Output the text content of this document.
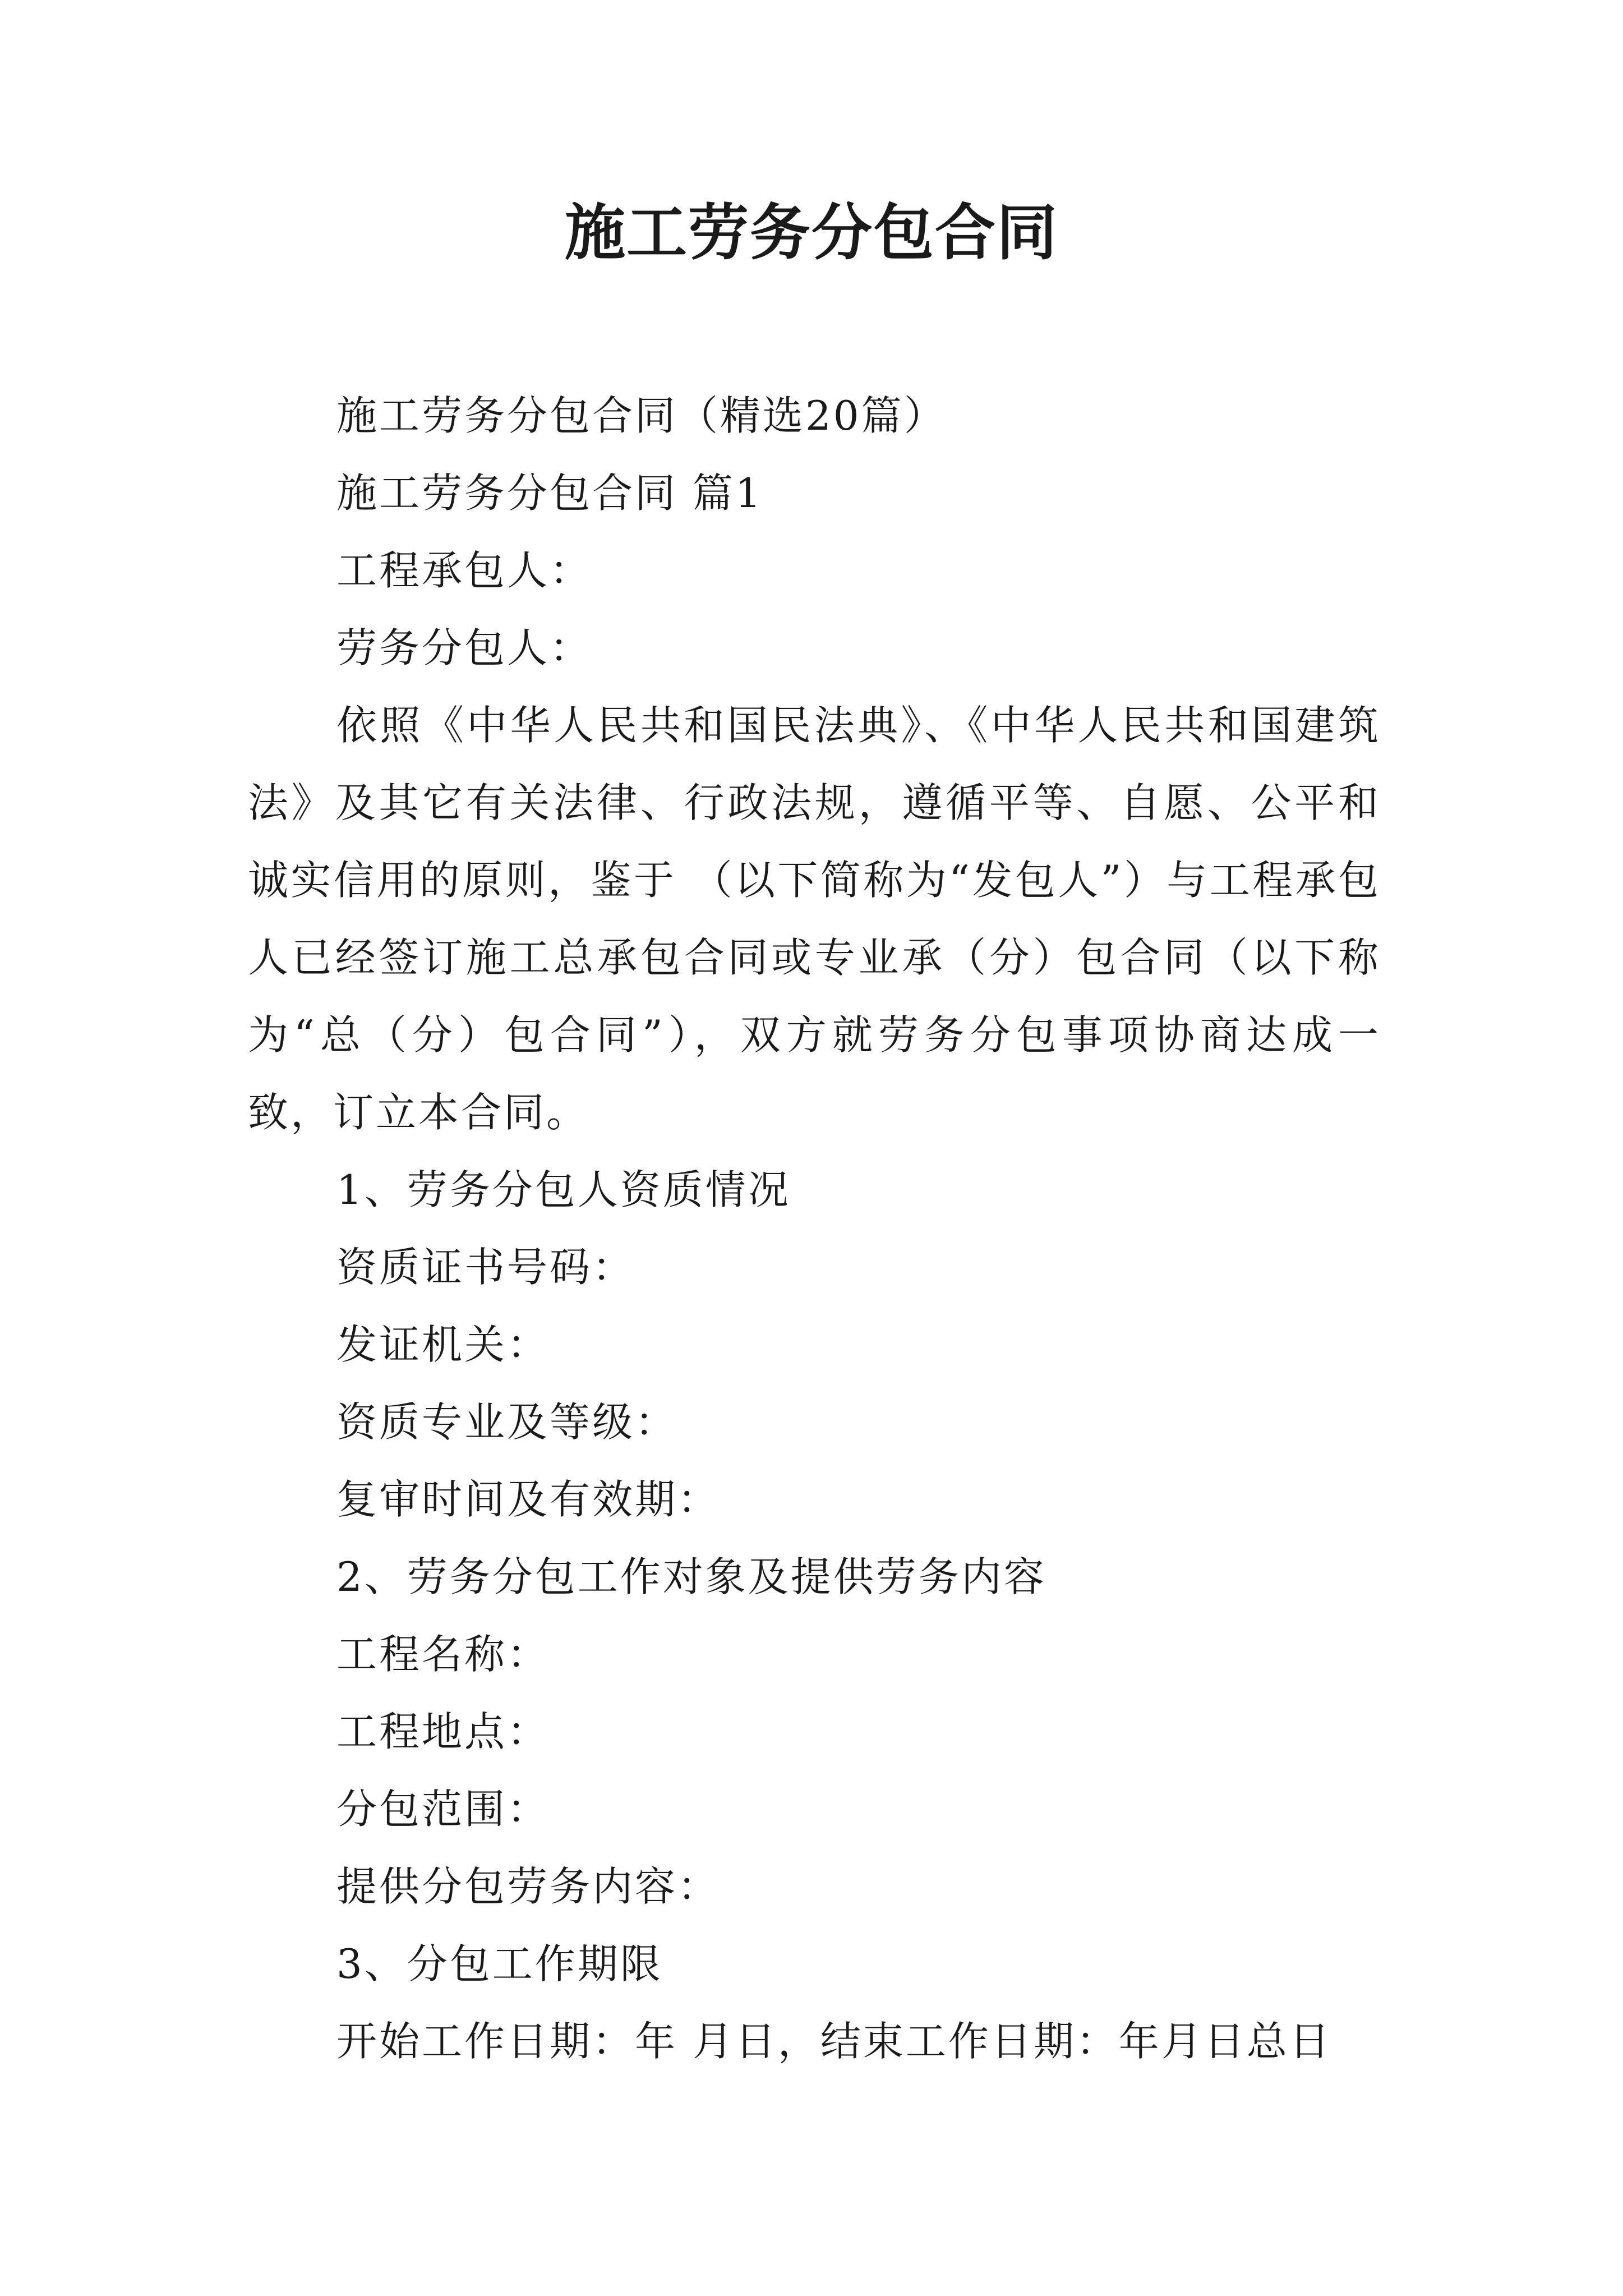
施工劳务分包合同

施工劳务分包合同（精选20篇）

施工劳务分包合同 篇1

工程承包人：

劳务分包人：

依照《中华人民共和国民法典》、《中华人民共和国建筑法》及其它有关法律、行政法规，遵循平等、自愿、公平和诚实信用的原则，鉴于 （以下简称为“发包人”）与工程承包人已经签订施工总承包合同或专业承（分）包合同（以下称为“总（分）包合同”），双方就劳务分包事项协商达成一致，订立本合同。

1、劳务分包人资质情况

资质证书号码：

发证机关：

资质专业及等级：

复审时间及有效期：

2、劳务分包工作对象及提供劳务内容

工程名称：

工程地点：

分包范围：

提供分包劳务内容：

3、分包工作期限

开始工作日期：年 月日，结束工作日期：年月日总日
